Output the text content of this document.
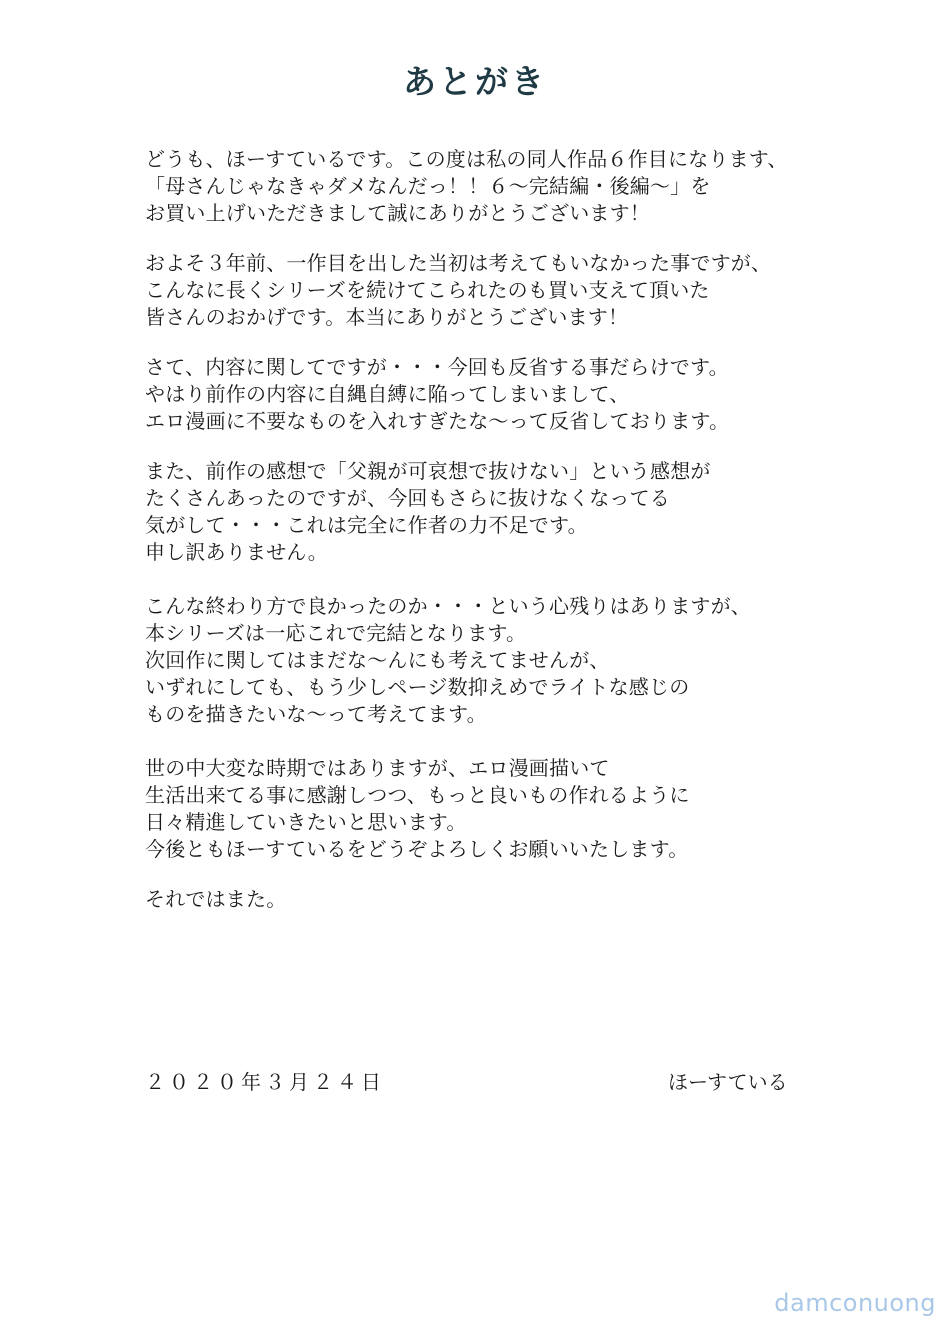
あとがき
どうも、ほーすているです。この度は私の同人作品６作目になります、
「母さんじゃなきゃダメなんだっ！！６～完結編・後編～」を
お買い上げいただきまして誠にありがとうございます！
およそ３年前、一作目を出した当初は考えてもいなかった事ですが、
こんなに長くシリーズを続けてこられたのも買い支えて頂いた
皆さんのおかげです。本当にありがとうございます！
さて、内容に関してですが・・・今回も反省する事だらけです。
やはり前作の内容に自縄自縛に陥ってしまいまして、
エロ漫画に不要なものを入れすぎたな～って反省しております。
また、前作の感想で「父親が可哀想で抜けない」という感想が
たくさんあったのですが、今回もさらに抜けなくなってる
気がして・・・これは完全に作者の力不足です。
申し訳ありません。
こんな終わり方で良かったのか・・・という心残りはありますが、
本シリーズは一応これで完結となります。
次回作に関してはまだな～んにも考えてませんが、
いずれにしても、もう少しページ数抑えめでライトな感じの
ものを描きたいな～って考えてます。
世の中大変な時期ではありますが、エロ漫画描いて
生活出来てる事に感謝しつつ、もっと良いもの作れるように
日々精進していきたいと思います。
今後ともほーすているをどうぞよろしくお願いいたします。
それではまた。
２０２０年３月２４日	ほーすている
damconuong
